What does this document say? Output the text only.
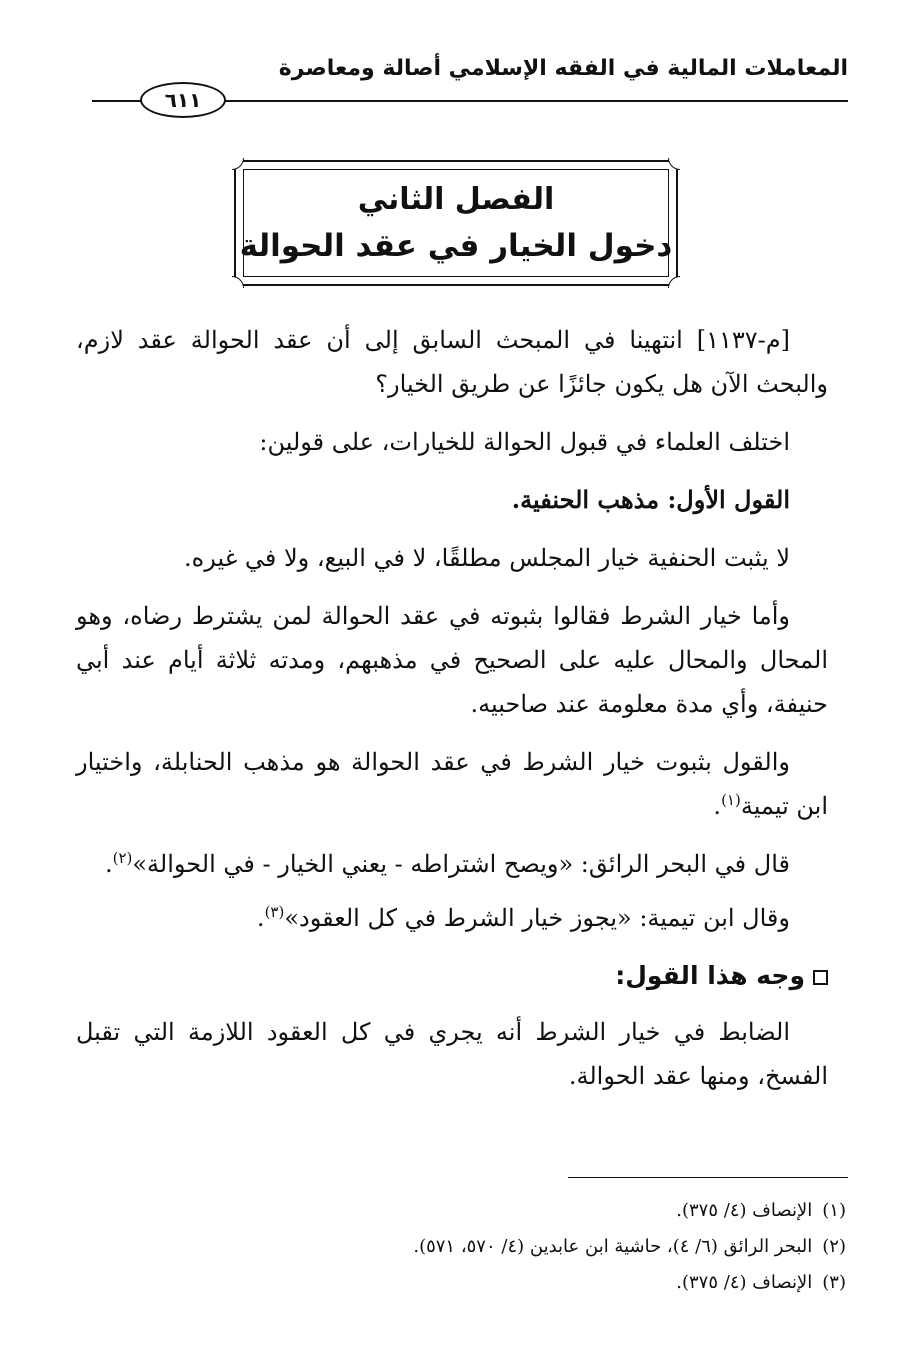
المعاملات المالية في الفقه الإسلامي أصالة ومعاصرة
٦١١
الفصل الثاني
دخول الخيار في عقد الحوالة

[م-١١٣٧] انتهينا في المبحث السابق إلى أن عقد الحوالة عقد لازم، والبحث الآن هل يكون جائزًا عن طريق الخيار؟

اختلف العلماء في قبول الحوالة للخيارات، على قولين:

القول الأول: مذهب الحنفية.

لا يثبت الحنفية خيار المجلس مطلقًا، لا في البيع، ولا في غيره.

وأما خيار الشرط فقالوا بثبوته في عقد الحوالة لمن يشترط رضاه، وهو المحال والمحال عليه على الصحيح في مذهبهم، ومدته ثلاثة أيام عند أبي حنيفة، وأي مدة معلومة عند صاحبيه.

والقول بثبوت خيار الشرط في عقد الحوالة هو مذهب الحنابلة، واختيار ابن تيمية$^{(١)}$.

قال في البحر الرائق: «ويصح اشتراطه - يعني الخيار - في الحوالة»$^{(٢)}$.

وقال ابن تيمية: «يجوز خيار الشرط في كل العقود»$^{(٣)}$.

وجه هذا القول:

الضابط في خيار الشرط أنه يجري في كل العقود اللازمة التي تقبل الفسخ، ومنها عقد الحوالة.

(١)الإنصاف (٤/ ٣٧٥).

(٢)البحر الرائق (٦/ ٤)، حاشية ابن عابدين (٤/ ٥٧٠، ٥٧١).

(٣)الإنصاف (٤/ ٣٧٥).
